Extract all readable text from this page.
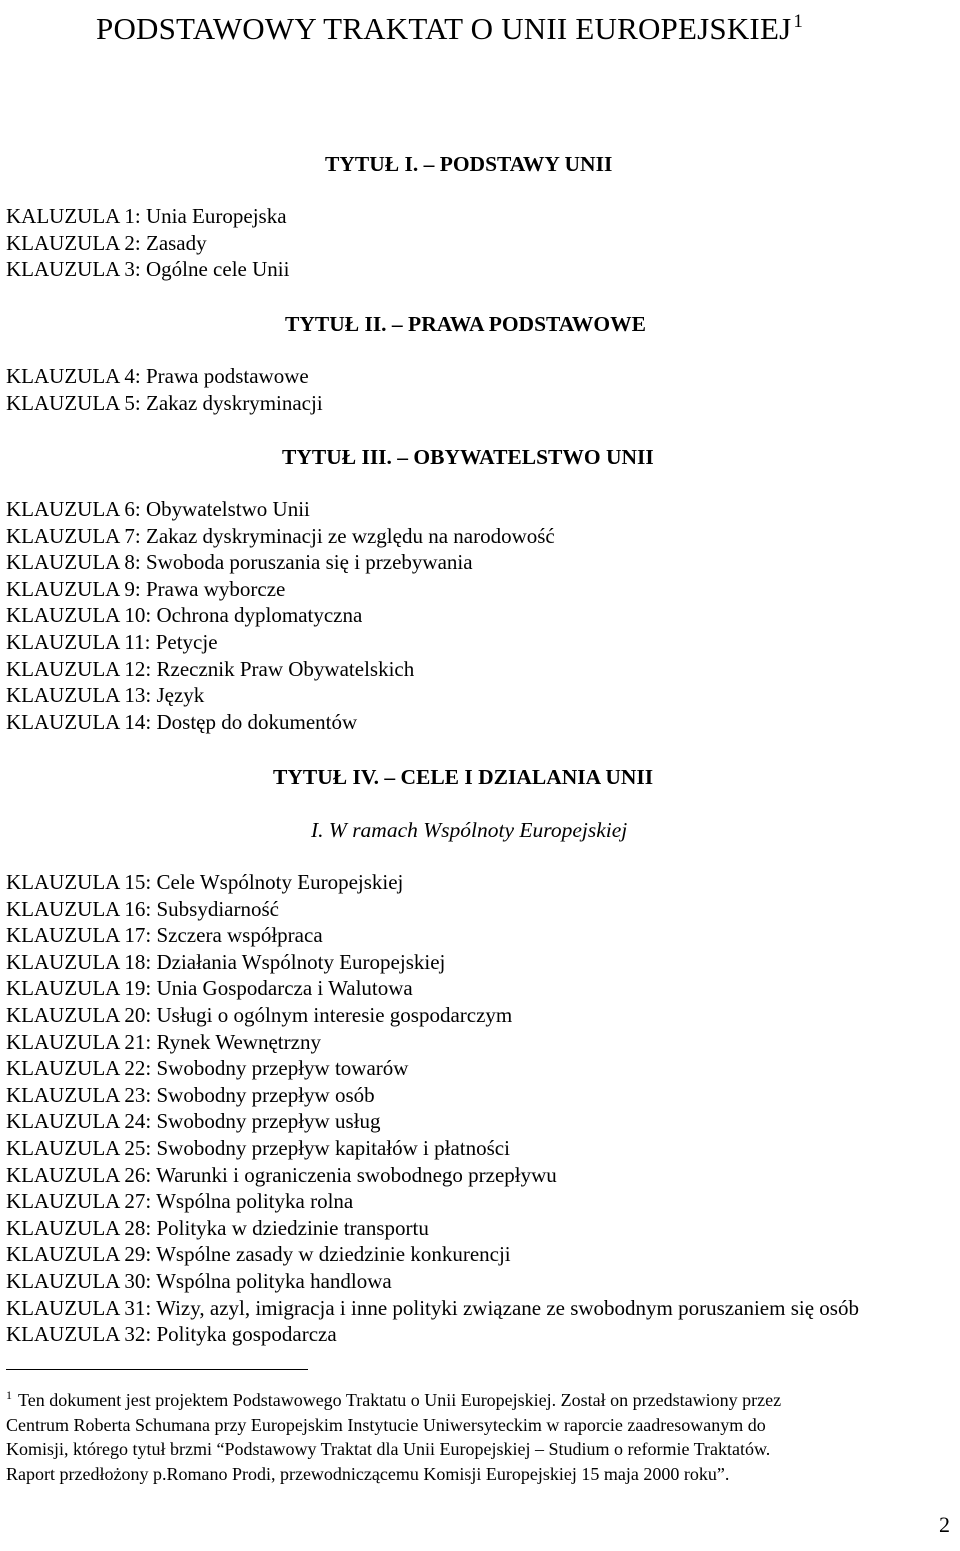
PODSTAWOWY TRAKTAT O UNII EUROPEJSKIEJ $^1$
TYTUŁ I. – PODSTAWY UNII
KALUZULA 1: Unia Europejska
KLAUZULA 2: Zasady
KLAUZULA 3: Ogólne cele Unii
TYTUŁ II. – PRAWA PODSTAWOWE
KLAUZULA 4: Prawa podstawowe
KLAUZULA 5: Zakaz dyskryminacji
TYTUŁ III. – OBYWATELSTWO UNII
KLAUZULA 6: Obywatelstwo Unii
KLAUZULA 7: Zakaz dyskryminacji ze względu na narodowość
KLAUZULA 8: Swoboda poruszania się i przebywania
KLAUZULA 9: Prawa wyborcze
KLAUZULA 10: Ochrona dyplomatyczna
KLAUZULA 11: Petycje
KLAUZULA 12: Rzecznik Praw Obywatelskich
KLAUZULA 13: Język
KLAUZULA 14: Dostęp do dokumentów
TYTUŁ IV. – CELE I DZIALANIA UNII
I. W ramach Wspólnoty Europejskiej
KLAUZULA 15: Cele Wspólnoty Europejskiej
KLAUZULA 16: Subsydiarność
KLAUZULA 17: Szczera współpraca
KLAUZULA 18: Działania Wspólnoty Europejskiej
KLAUZULA 19: Unia Gospodarcza i Walutowa
KLAUZULA 20: Usługi o ogólnym interesie gospodarczym
KLAUZULA 21: Rynek Wewnętrzny
KLAUZULA 22: Swobodny przepływ towarów
KLAUZULA 23: Swobodny przepływ osób
KLAUZULA 24: Swobodny przepływ usług
KLAUZULA 25: Swobodny przepływ kapitałów i płatności
KLAUZULA 26: Warunki i ograniczenia swobodnego przepływu
KLAUZULA 27: Wspólna polityka rolna
KLAUZULA 28: Polityka w dziedzinie transportu
KLAUZULA 29: Wspólne zasady w dziedzinie konkurencji
KLAUZULA 30: Wspólna polityka handlowa
KLAUZULA 31: Wizy, azyl, imigracja i inne polityki związane ze swobodnym poruszaniem się osób
KLAUZULA 32: Polityka gospodarcza
$^1$ Ten dokument jest projektem Podstawowego Traktatu o Unii Europejskiej. Został on przedstawiony przez
Centrum Roberta Schumana przy Europejskim Instytucie Uniwersyteckim w raporcie zaadresowanym do
Komisji, którego tytuł brzmi “Podstawowy Traktat dla Unii Europejskiej – Studium o reformie Traktatów.
Raport przedłożony p.Romano Prodi, przewodniczącemu Komisji Europejskiej 15 maja 2000 roku”.
2
